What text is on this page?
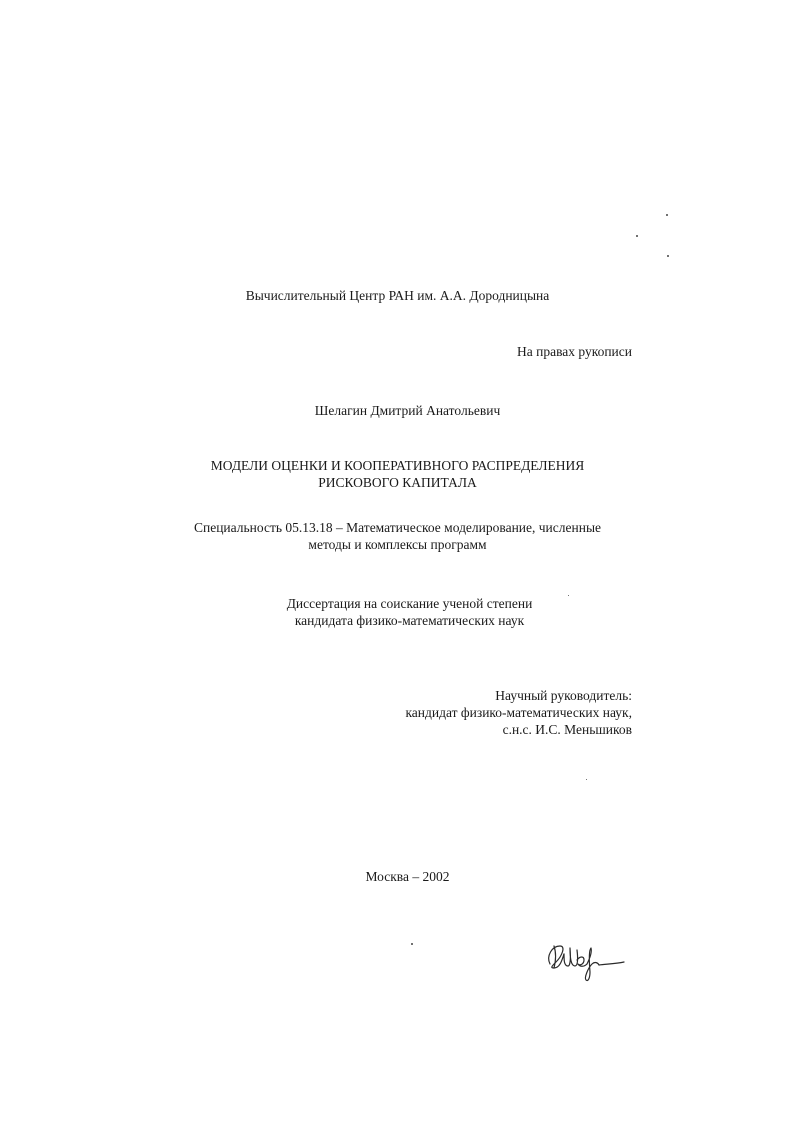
Вычислительный Центр РАН им. А.А. Дородницына
На правах рукописи
Шелагин Дмитрий Анатольевич
МОДЕЛИ ОЦЕНКИ И КООПЕРАТИВНОГО РАСПРЕДЕЛЕНИЯ
РИСКОВОГО КАПИТАЛА
Специальность 05.13.18 – Математическое моделирование, численные
методы и комплексы программ
Диссертация на соискание ученой степени
кандидата физико-математических наук
Научный руководитель:
кандидат физико-математических наук,
с.н.с. И.С. Меньшиков
Москва – 2002
